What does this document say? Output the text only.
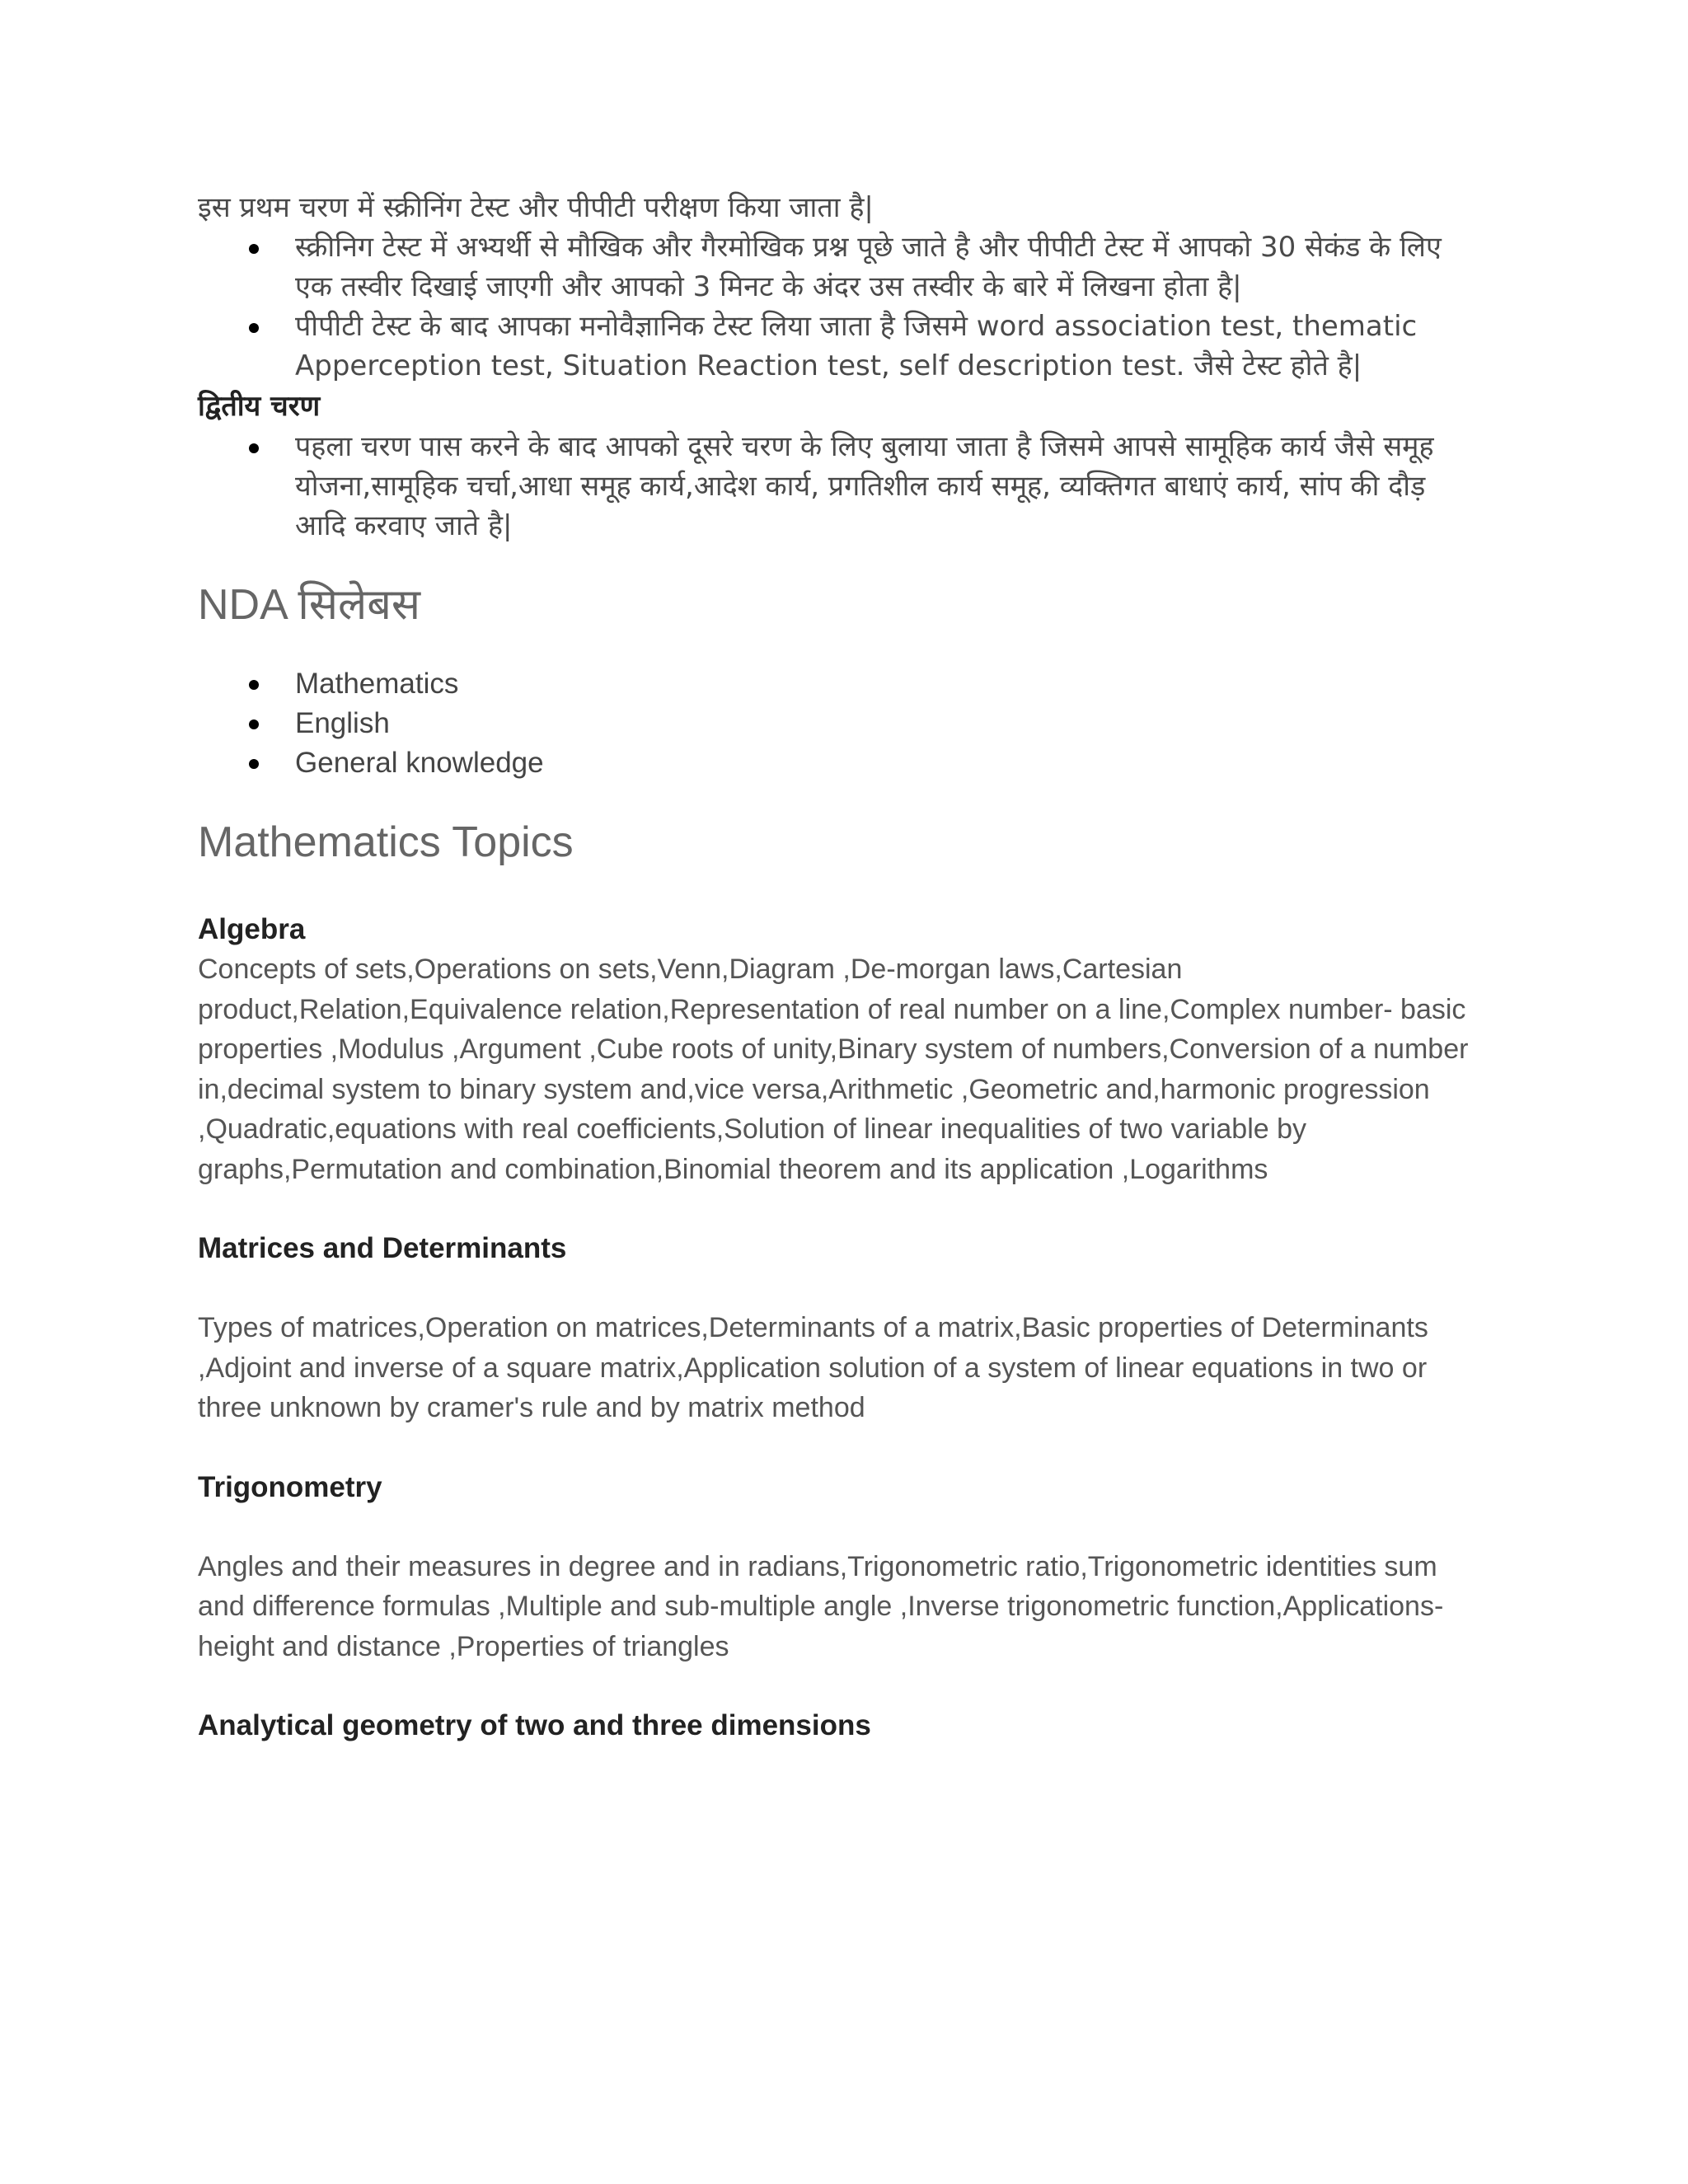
इस प्रथम चरण में स्क्रीनिंग टेस्ट और पीपीटी परीक्षण किया जाता है|

स्क्रीनिग टेस्ट में अभ्यर्थी से मौखिक और गैरमोखिक प्रश्न पूछे जाते है और पीपीटी टेस्ट में आपको 30 सेकंड के लिए एक तस्वीर दिखाई जाएगी और आपको 3 मिनट के अंदर उस तस्वीर के बारे में लिखना होता है|
पीपीटी टेस्ट के बाद आपका मनोवैज्ञानिक टेस्ट लिया जाता है जिसमे word association test, thematic Apperception test, Situation Reaction test, self description test. जैसे टेस्ट होते है|

द्वितीय चरण

पहला चरण पास करने के बाद आपको दूसरे चरण के लिए बुलाया जाता है जिसमे आपसे सामूहिक कार्य जैसे समूह योजना,सामूहिक चर्चा,आधा समूह कार्य,आदेश कार्य, प्रगतिशील कार्य समूह, व्यक्तिगत बाधाएं कार्य, सांप की दौड़ आदि करवाए जाते है|
NDA सिलेबस
Mathematics
English
General knowledge
Mathematics Topics

Algebra

Concepts of sets,Operations on sets,Venn,Diagram ,De-morgan laws,Cartesian product,Relation,Equivalence relation,Representation of real number on a line,Complex number- basic properties ,Modulus ,Argument ,Cube roots of unity,Binary system of numbers,Conversion of a number in,decimal system to binary system and,vice versa,Arithmetic ,Geometric and,harmonic progression ,Quadratic,equations with real coefficients,Solution of linear inequalities of two variable by graphs,Permutation and combination,Binomial theorem and its application ,Logarithms

Matrices and Determinants

Types of matrices,Operation on matrices,Determinants of a matrix,Basic properties of Determinants ,Adjoint and inverse of a square matrix,Application solution of a system of linear equations in two or three unknown by cramer's rule and by matrix method

Trigonometry

Angles and their measures in degree and in radians,Trigonometric ratio,Trigonometric identities sum and difference formulas ,Multiple and sub-multiple angle ,Inverse trigonometric function,Applications- height and distance ,Properties of triangles

Analytical geometry of two and three dimensions
